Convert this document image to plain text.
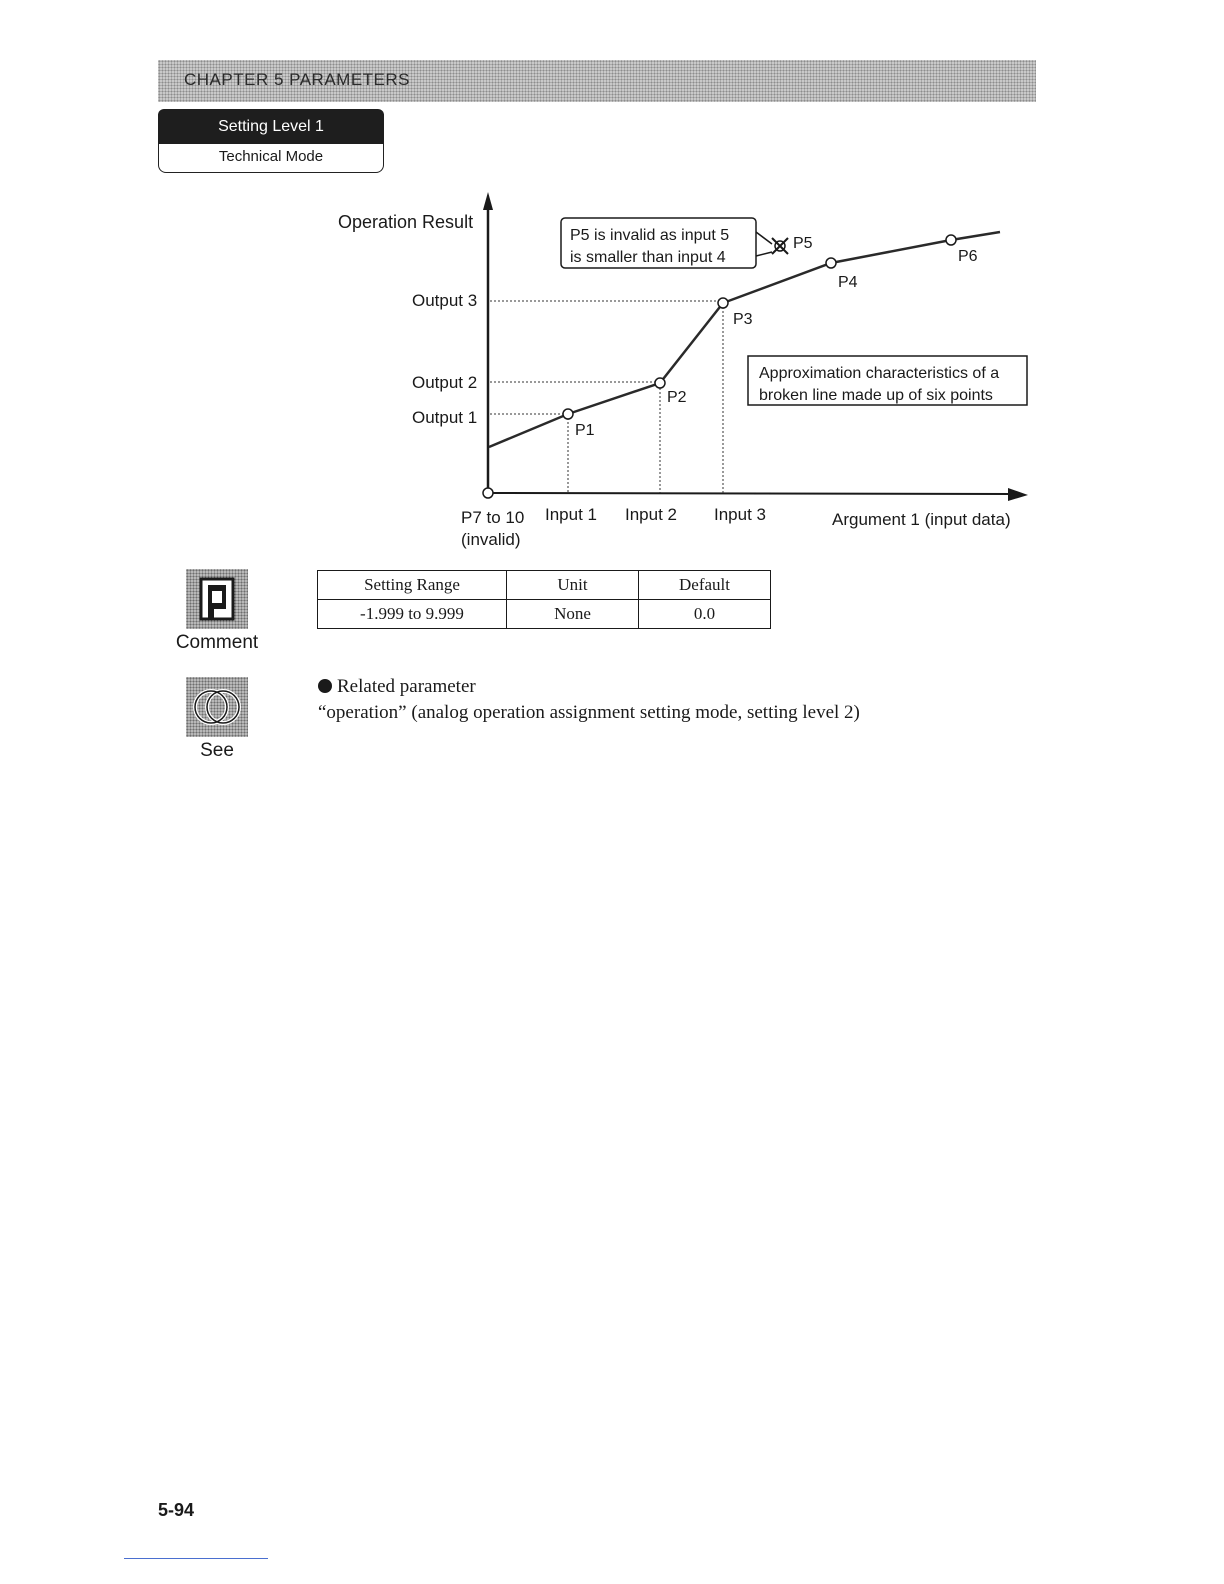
CHAPTER 5 PARAMETERS
Setting Level 1
Technical Mode
P5 is invalid as input 5
is smaller than input 4
Approximation characteristics of a
broken line made up of six points
Operation Result
Output 3
Output 2
Output 1
P7 to 10
(invalid)
Input 1 Input 2 Input 3	Argument 1 (input data)
P1
P2
P3
P4
P5
P6
Comment
See
Setting Range	Unit	Default
-1.999 to 9.999	None	0.0
Related parameter
“operation” (analog operation assignment setting mode, setting level 2)
5-94
